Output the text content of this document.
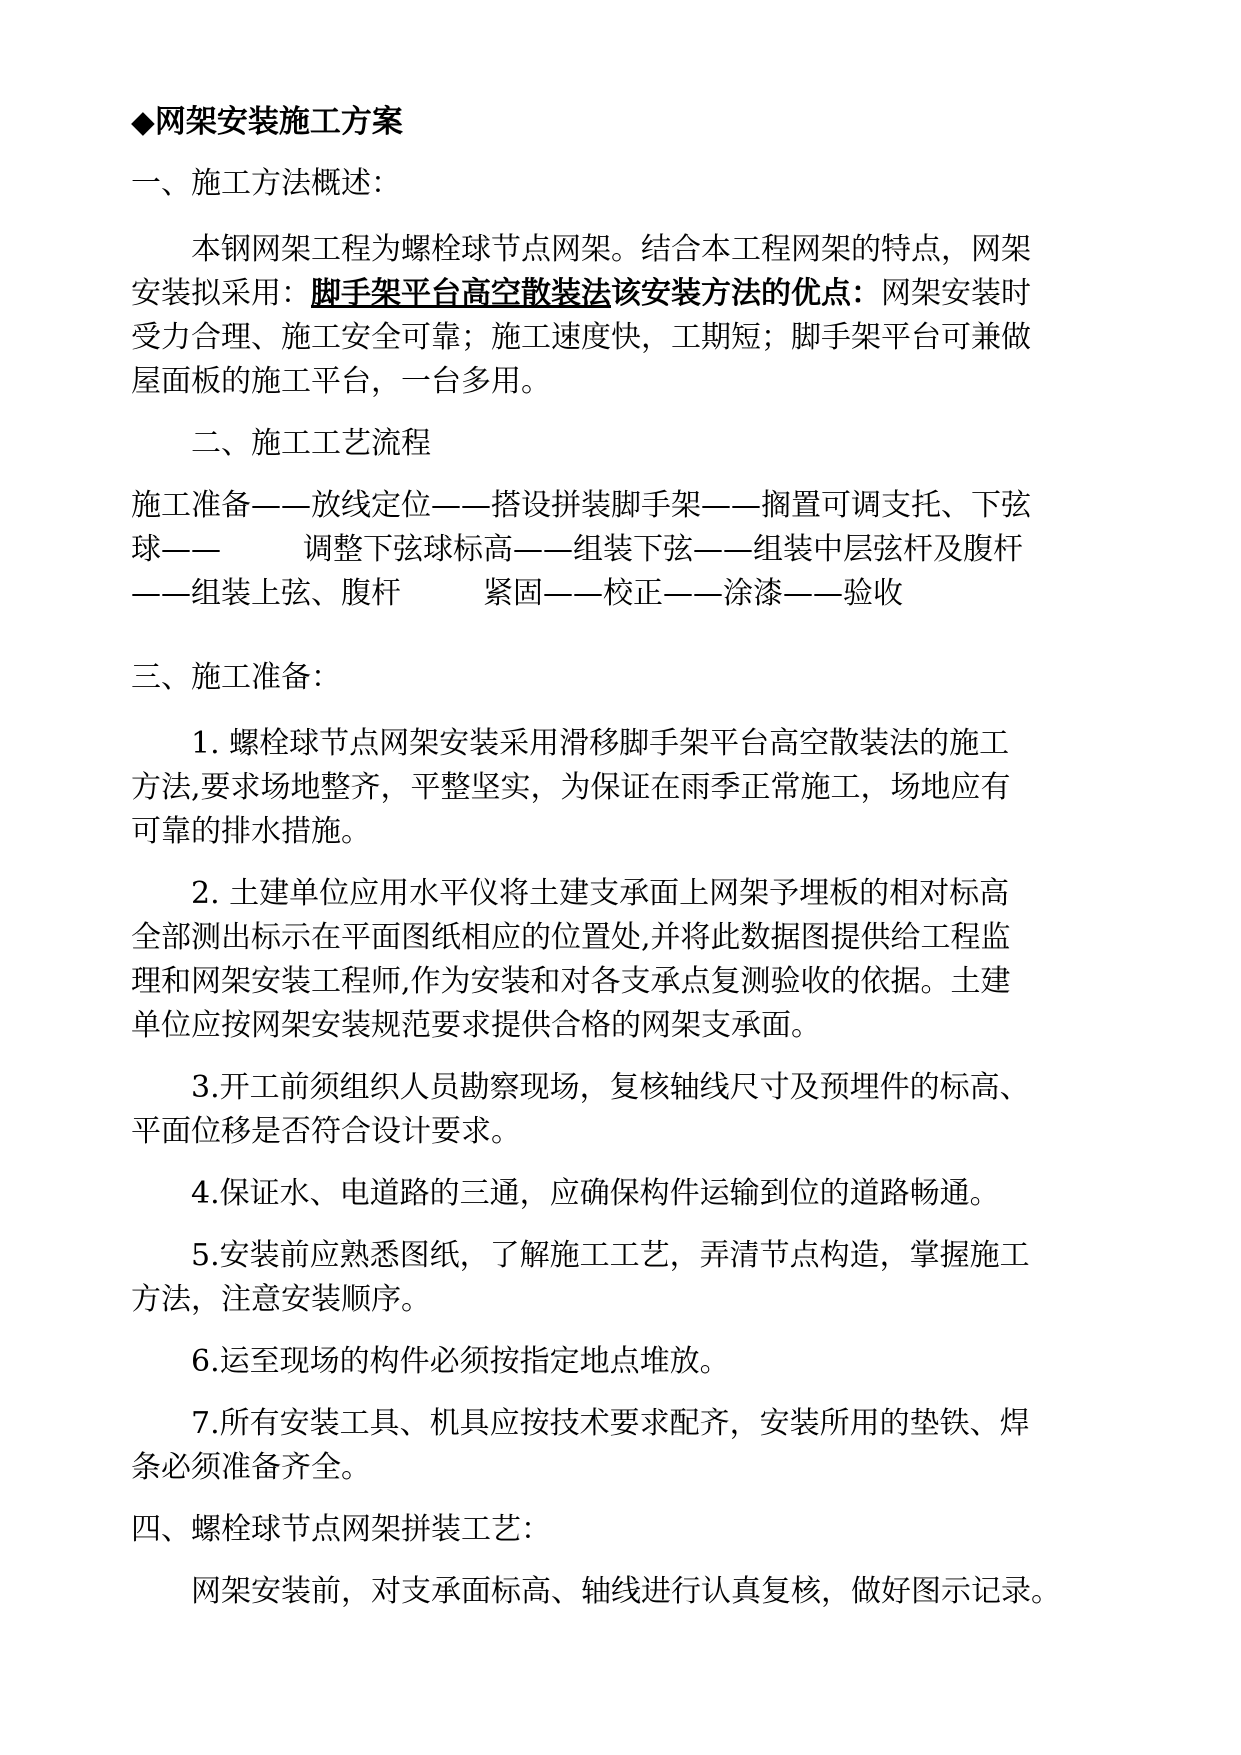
◆网架安装施工方案
一、施工方法概述：
本钢网架工程为螺栓球节点网架。结合本工程网架的特点，网架
安装拟采用：脚手架平台高空散装法该安装方法的优点：网架安装时
受力合理、施工安全可靠；施工速度快，工期短；脚手架平台可兼做
屋面板的施工平台，一台多用。
二、施工工艺流程
施工准备——放线定位——搭设拼装脚手架——搁置可调支托、下弦
球——	调整下弦球标高——组装下弦——组装中层弦杆及腹杆
——组装上弦、腹杆	紧固——校正——涂漆——验收
三、施工准备：
1. 螺栓球节点网架安装采用滑移脚手架平台高空散装法的施工
方法,要求场地整齐，平整坚实，为保证在雨季正常施工，场地应有
可靠的排水措施。
2. 土建单位应用水平仪将土建支承面上网架予埋板的相对标高
全部测出标示在平面图纸相应的位置处,并将此数据图提供给工程监
理和网架安装工程师,作为安装和对各支承点复测验收的依据。土建
单位应按网架安装规范要求提供合格的网架支承面。
3.开工前须组织人员勘察现场，复核轴线尺寸及预埋件的标高、
平面位移是否符合设计要求。
4.保证水、电道路的三通，应确保构件运输到位的道路畅通。
5.安装前应熟悉图纸，了解施工工艺，弄清节点构造，掌握施工
方法，注意安装顺序。
6.运至现场的构件必须按指定地点堆放。
7.所有安装工具、机具应按技术要求配齐，安装所用的垫铁、焊
条必须准备齐全。
四、螺栓球节点网架拼装工艺：
网架安装前，对支承面标高、轴线进行认真复核，做好图示记录。
